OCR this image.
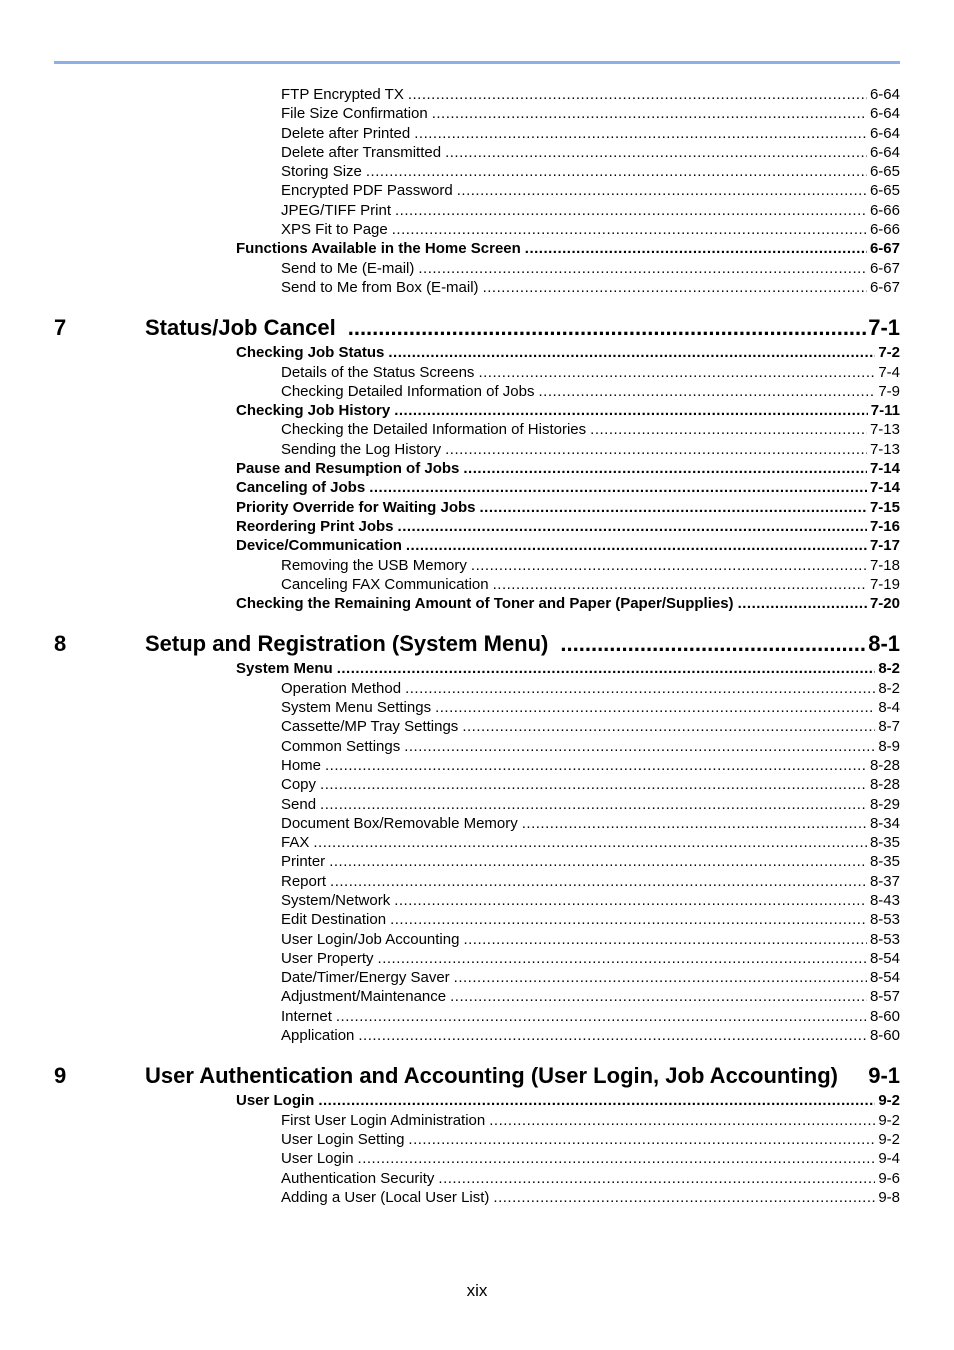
FTP Encrypted TX .....	6-64
File Size Confirmation .....	6-64
Delete after Printed .....	6-64
Delete after Transmitted .....	6-64
Storing Size .....	6-65
Encrypted PDF Password .....	6-65
JPEG/TIFF Print .....	6-66
XPS Fit to Page .....	6-66
Functions Available in the Home Screen .....	6-67
Send to Me (E-mail) .....	6-67
Send to Me from Box (E-mail) .....	6-67
7	Status/Job Cancel .....	7-1
Checking Job Status .....	7-2
Details of the Status Screens .....	7-4
Checking Detailed Information of Jobs .....	7-9
Checking Job History .....	7-11
Checking the Detailed Information of Histories .....	7-13
Sending the Log History .....	7-13
Pause and Resumption of Jobs .....	7-14
Canceling of Jobs .....	7-14
Priority Override for Waiting Jobs .....	7-15
Reordering Print Jobs .....	7-16
Device/Communication .....	7-17
Removing the USB Memory .....	7-18
Canceling FAX Communication .....	7-19
Checking the Remaining Amount of Toner and Paper (Paper/Supplies) .....	7-20
8	Setup and Registration (System Menu) .....	8-1
System Menu .....	8-2
Operation Method .....	8-2
System Menu Settings .....	8-4
Cassette/MP Tray Settings .....	8-7
Common Settings .....	8-9
Home .....	8-28
Copy .....	8-28
Send .....	8-29
Document Box/Removable Memory .....	8-34
FAX .....	8-35
Printer .....	8-35
Report .....	8-37
System/Network .....	8-43
Edit Destination .....	8-53
User Login/Job Accounting .....	8-53
User Property .....	8-54
Date/Timer/Energy Saver .....	8-54
Adjustment/Maintenance .....	8-57
Internet .....	8-60
Application .....	8-60
9	User Authentication and Accounting (User Login, Job Accounting) 9-1
User Login .....	9-2
First User Login Administration .....	9-2
User Login Setting .....	9-2
User Login .....	9-4
Authentication Security .....	9-6
Adding a User (Local User List) .....	9-8
xix
